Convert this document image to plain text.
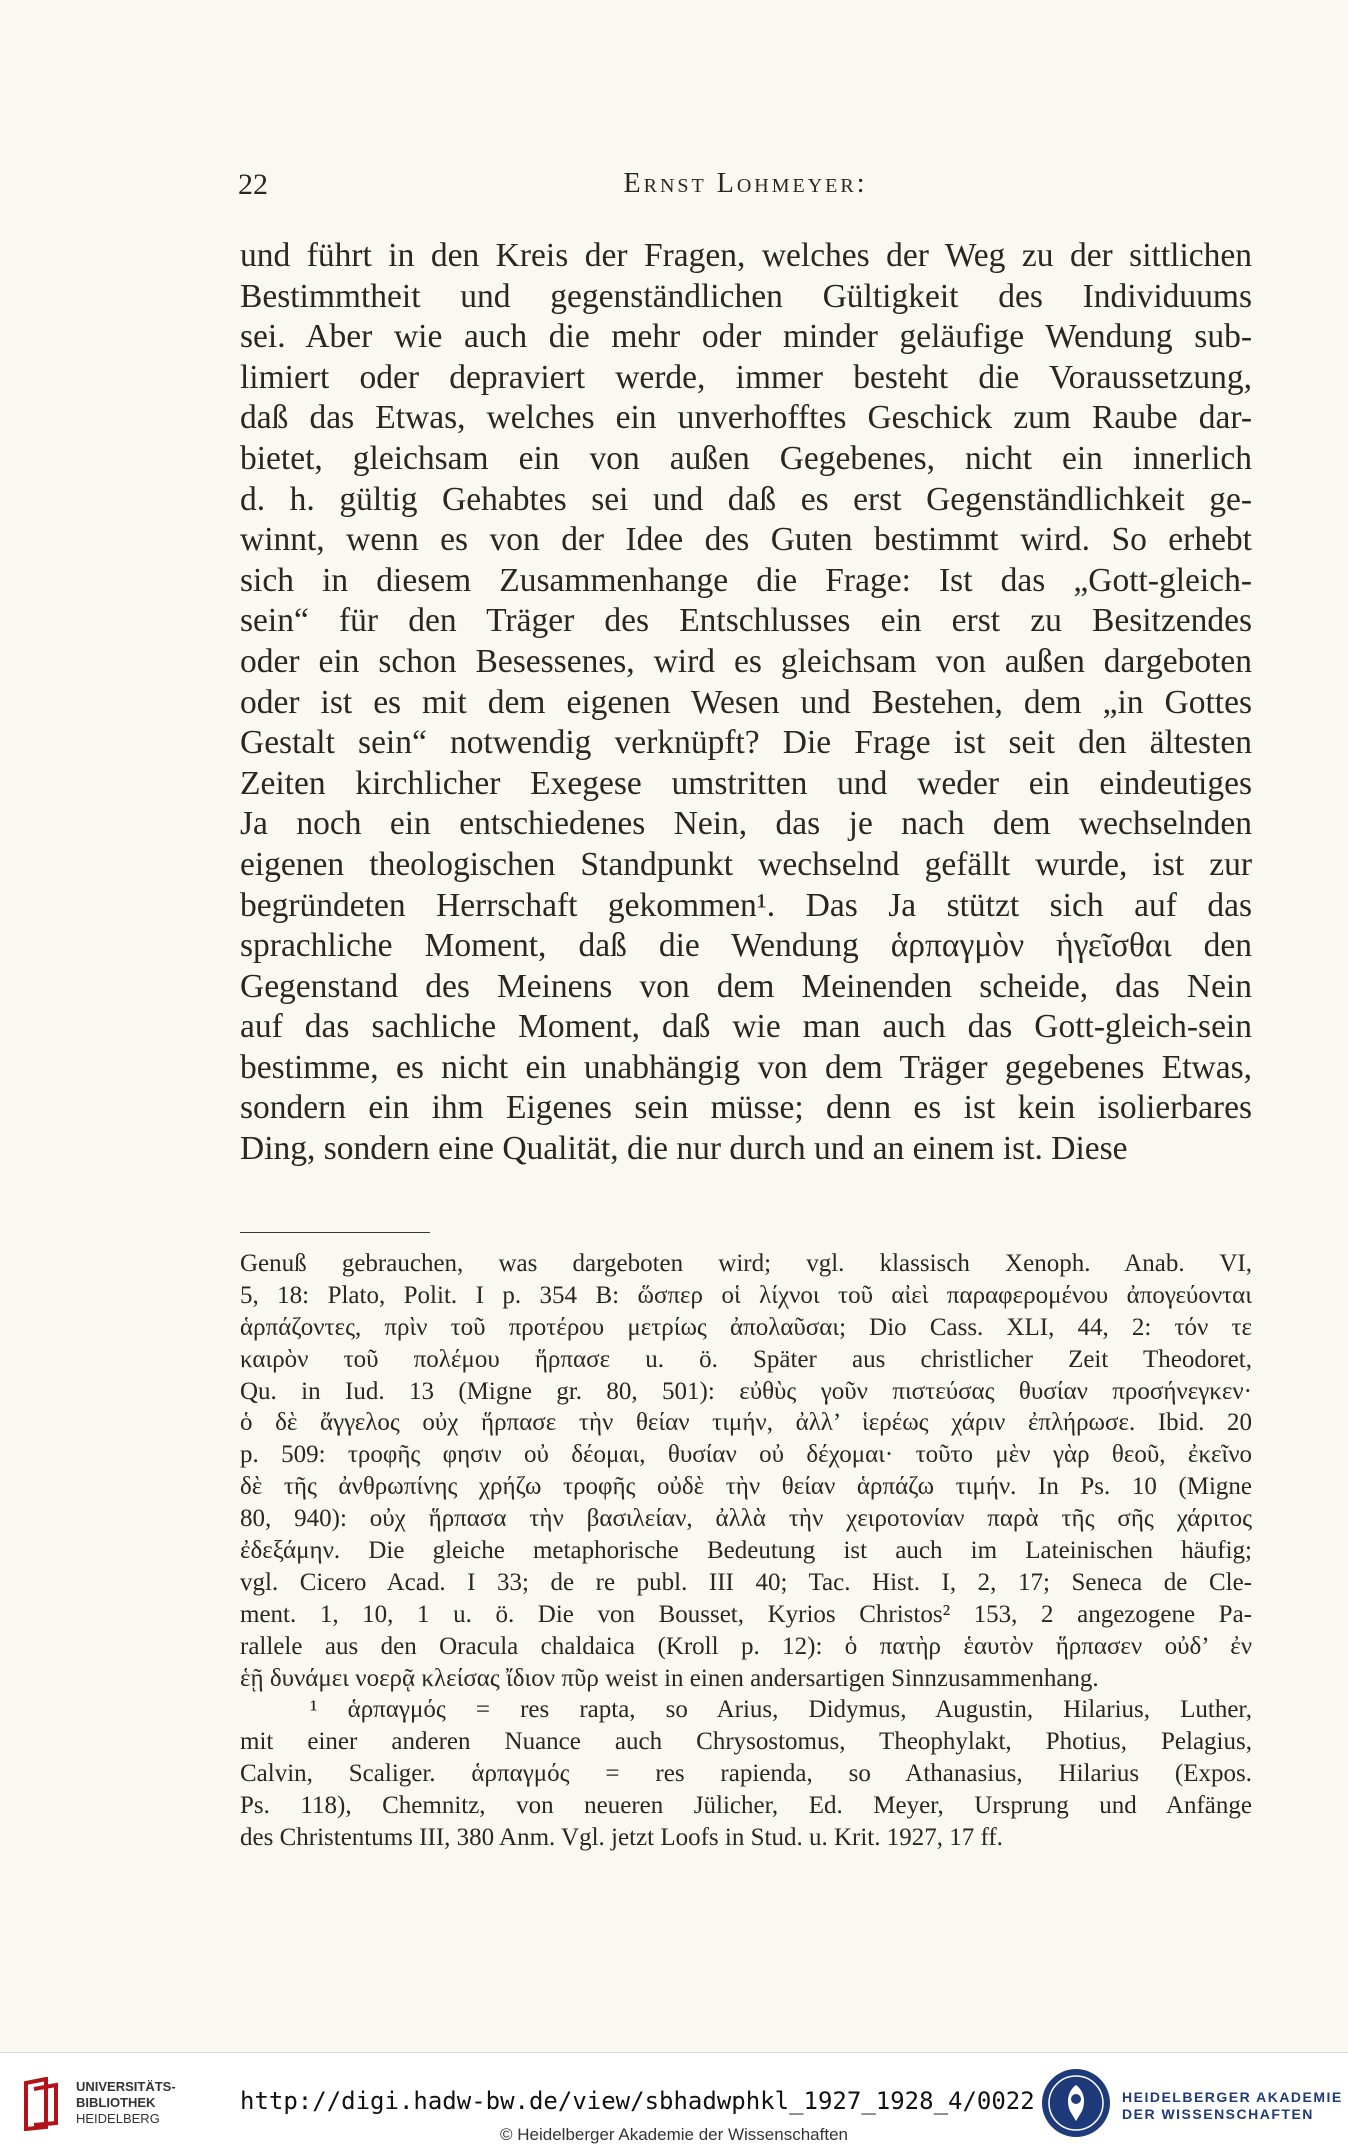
22	Ernst Lohmeyer:
und führt in den Kreis der Fragen, welches der Weg zu der sittlichen
Bestimmtheit und gegenständlichen Gültigkeit des Individuums
sei. Aber wie auch die mehr oder minder geläufige Wendung sub-
limiert oder depraviert werde, immer besteht die Voraussetzung,
daß das Etwas, welches ein unverhofftes Geschick zum Raube dar-
bietet, gleichsam ein von außen Gegebenes, nicht ein innerlich
d. h. gültig Gehabtes sei und daß es erst Gegenständlichkeit ge-
winnt, wenn es von der Idee des Guten bestimmt wird. So erhebt
sich in diesem Zusammenhange die Frage: Ist das „Gott-gleich-
sein“ für den Träger des Entschlusses ein erst zu Besitzendes
oder ein schon Besessenes, wird es gleichsam von außen dargeboten
oder ist es mit dem eigenen Wesen und Bestehen, dem „in Gottes
Gestalt sein“ notwendig verknüpft? Die Frage ist seit den ältesten
Zeiten kirchlicher Exegese umstritten und weder ein eindeutiges
Ja noch ein entschiedenes Nein, das je nach dem wechselnden
eigenen theologischen Standpunkt wechselnd gefällt wurde, ist zur
begründeten Herrschaft gekommen¹. Das Ja stützt sich auf das
sprachliche Moment, daß die Wendung ἁρπαγμὸν ἡγεῖσθαι den
Gegenstand des Meinens von dem Meinenden scheide, das Nein
auf das sachliche Moment, daß wie man auch das Gott-gleich-sein
bestimme, es nicht ein unabhängig von dem Träger gegebenes Etwas,
sondern ein ihm Eigenes sein müsse; denn es ist kein isolierbares
Ding, sondern eine Qualität, die nur durch und an einem ist. Diese
Genuß gebrauchen, was dargeboten wird; vgl. klassisch Xenoph. Anab. VI,
5, 18: Plato, Polit. I p. 354 B: ὥσπερ οἱ λίχνοι τοῦ αἰεὶ παραφερομένου ἀπογεύονται
ἁρπάζοντες, πρὶν τοῦ προτέρου μετρίως ἀπολαῦσαι; Dio Cass. XLI, 44, 2: τόν τε
καιρὸν τοῦ πολέμου ἥρπασε u. ö. Später aus christlicher Zeit Theodoret,
Qu. in Iud. 13 (Migne gr. 80, 501): εὐθὺς γοῦν πιστεύσας θυσίαν προσήνεγκεν·
ὁ δὲ ἄγγελος οὐχ ἥρπασε τὴν θείαν τιμήν, ἀλλ’ ἱερέως χάριν ἐπλήρωσε. Ibid. 20
p. 509: τροφῆς φησιν οὐ δέομαι, θυσίαν οὐ δέχομαι· τοῦτο μὲν γὰρ θεοῦ, ἐκεῖνο
δὲ τῆς ἀνθρωπίνης χρήζω τροφῆς οὐδὲ τὴν θείαν ἁρπάζω τιμήν. In Ps. 10 (Migne
80, 940): οὐχ ἥρπασα τὴν βασιλείαν, ἀλλὰ τὴν χειροτονίαν παρὰ τῆς σῆς χάριτος
ἐδεξάμην. Die gleiche metaphorische Bedeutung ist auch im Lateinischen häufig;
vgl. Cicero Acad. I 33; de re publ. III 40; Tac. Hist. I, 2, 17; Seneca de Cle-
ment. 1, 10, 1 u. ö. Die von Bousset, Kyrios Christos² 153, 2 angezogene Pa-
rallele aus den Oracula chaldaica (Kroll p. 12): ὁ πατὴρ ἑαυτὸν ἥρπασεν οὐδ’ ἐν
ἑῇ δυνάμει νοερᾷ κλείσας ἴδιον πῦρ weist in einen andersartigen Sinnzusammenhang.
¹ ἁρπαγμός = res rapta, so Arius, Didymus, Augustin, Hilarius, Luther,
mit einer anderen Nuance auch Chrysostomus, Theophylakt, Photius, Pelagius,
Calvin, Scaliger. ἁρπαγμός = res rapienda, so Athanasius, Hilarius (Expos.
Ps. 118), Chemnitz, von neueren Jülicher, Ed. Meyer, Ursprung und Anfänge
des Christentums III, 380 Anm. Vgl. jetzt Loofs in Stud. u. Krit. 1927, 17 ff.
UNIVERSITÄTS-
BIBLIOTHEK
HEIDELBERG
http://digi.hadw-bw.de/view/sbhadwphkl_1927_1928_4/0022
© Heidelberger Akademie der Wissenschaften
HEIDELBERGER AKADEMIE
DER WISSENSCHAFTEN
